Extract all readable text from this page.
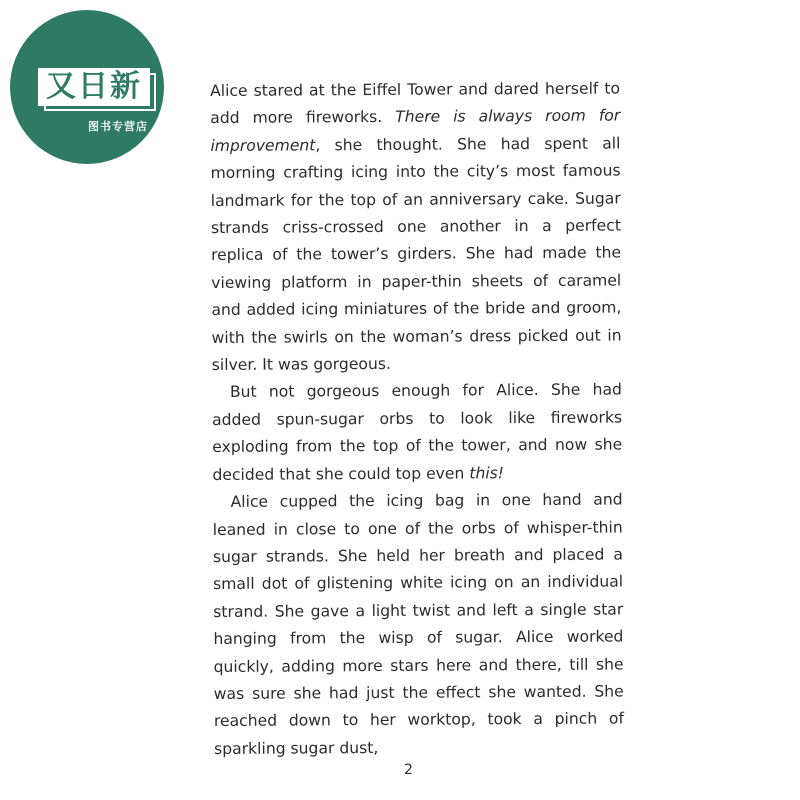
又日新
图书专营店

Alice stared at the Eiffel Tower and dared herself to add more fireworks. There is always room for improvement, she thought. She had spent all morning crafting icing into the city’s most famous landmark for the top of an anniversary cake. Sugar strands criss-crossed one another in a perfect replica of the tower’s girders. She had made the viewing platform in paper-thin sheets of caramel and added icing miniatures of the bride and groom, with the swirls on the woman’s dress picked out in silver. It was gorgeous.

But not gorgeous enough for Alice. She had added spun-sugar orbs to look like fireworks exploding from the top of the tower, and now she decided that she could top even this!

Alice cupped the icing bag in one hand and leaned in close to one of the orbs of whisper-thin sugar strands. She held her breath and placed a small dot of glistening white icing on an individual strand. She gave a light twist and left a single star hanging from the wisp of sugar. Alice worked quickly, adding more stars here and there, till she was sure she had just the effect she wanted. She reached down to her worktop, took a pinch of sparkling sugar dust,

2
